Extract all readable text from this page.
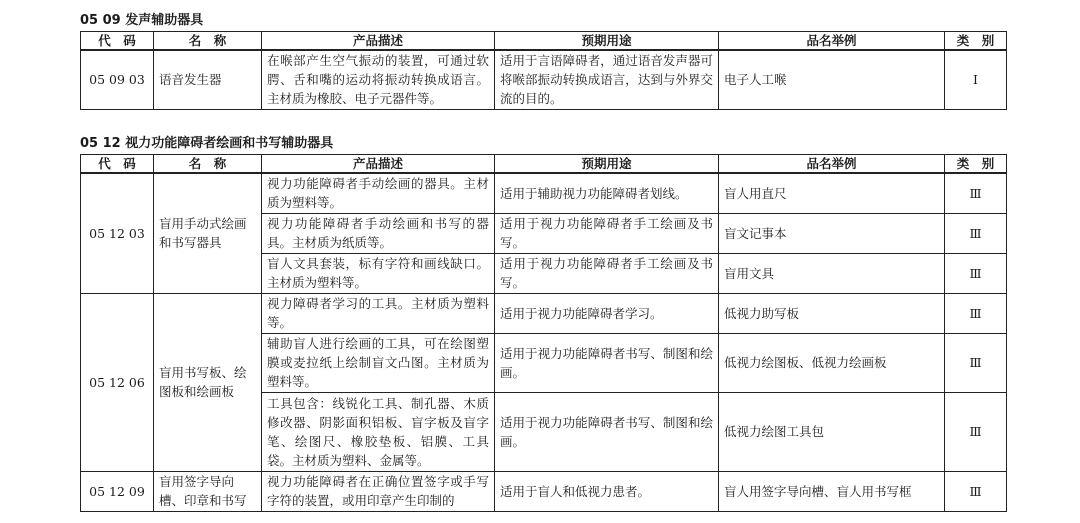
05 09 发声辅助器具
代　码	名　称	产品描述	预期用途	品名举例	类　别
05 09 03	语音发生器	在喉部产生空气振动的装置，可通过软腭、舌和嘴的运动将振动转换成语言。主材质为橡胶、电子元器件等。	适用于言语障碍者，通过语音发声器可将喉部振动转换成语言，达到与外界交流的目的。	电子人工喉	Ⅰ
05 12 视力功能障碍者绘画和书写辅助器具
代　码	名　称	产品描述	预期用途	品名举例	类　别
05 12 03	盲用手动式绘画和书写器具	视力功能障碍者手动绘画的器具。主材质为塑料等。	适用于辅助视力功能障碍者划线。	盲人用直尺	Ⅲ
		视力功能障碍者手动绘画和书写的器具。主材质为纸质等。	适用于视力功能障碍者手工绘画及书写。	盲文记事本	Ⅲ
		盲人文具套装，标有字符和画线缺口。主材质为塑料等。	适用于视力功能障碍者手工绘画及书写。	盲用文具	Ⅲ
05 12 06	盲用书写板、绘图板和绘画板	视力障碍者学习的工具。主材质为塑料等。	适用于视力功能障碍者学习。	低视力助写板	Ⅲ
		辅助盲人进行绘画的工具，可在绘图塑膜或麦拉纸上绘制盲文凸图。主材质为塑料等。	适用于视力功能障碍者书写、制图和绘画。	低视力绘图板、低视力绘画板	Ⅲ
		工具包含：线锐化工具、制孔器、木质修改器、阴影面积铝板、盲字板及盲字笔、绘图尺、橡胶垫板、铝膜、工具袋。主材质为塑料、金属等。	适用于视力功能障碍者书写、制图和绘画。	低视力绘图工具包	Ⅲ
05 12 09	盲用签字导向槽、印章和书写	视力功能障碍者在正确位置签字或手写字符的装置，或用印章产生印制的	适用于盲人和低视力患者。	盲人用签字导向槽、盲人用书写框	Ⅲ
